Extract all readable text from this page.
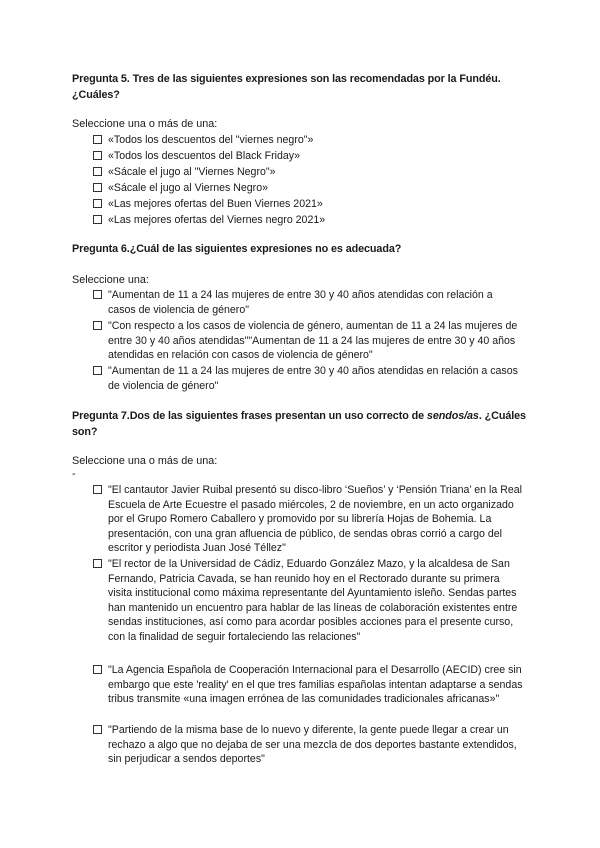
Pregunta 5. Tres de las siguientes expresiones son las recomendadas por la Fundéu. ¿Cuáles?
Seleccione una o más de una:
«Todos los descuentos del "viernes negro"»
«Todos los descuentos del Black Friday»
«Sácale el jugo al "Viernes Negro"»
«Sácale el jugo al Viernes Negro»
«Las mejores ofertas del Buen Viernes 2021»
«Las mejores ofertas del Viernes negro 2021»
Pregunta 6.¿Cuál de las siguientes expresiones no es adecuada?
Seleccione una:
"Aumentan de 11 a 24 las mujeres de entre 30 y 40 años atendidas con relación a casos de violencia de género"
"Con respecto a los casos de violencia de género, aumentan de 11 a 24 las mujeres de entre 30 y 40 años atendidas""Aumentan de 11 a 24 las mujeres de entre 30 y 40 años atendidas en relación con casos de violencia de género"
"Aumentan de 11 a 24 las mujeres de entre 30 y 40 años atendidas en relación a casos de violencia de género"
Pregunta 7.Dos de las siguientes frases presentan un uso correcto de sendos/as. ¿Cuáles son?
Seleccione una o más de una:
-
"El cantautor Javier Ruibal presentó su disco-libro ‘Sueños’ y ‘Pensión Triana’ en la Real Escuela de Arte Ecuestre el pasado miércoles, 2 de noviembre, en un acto organizado por el Grupo Romero Caballero y promovido por su librería Hojas de Bohemia. La presentación, con una gran afluencia de público, de sendas obras corrió a cargo del escritor y periodista Juan José Téllez"
"El rector de la Universidad de Cádiz, Eduardo González Mazo, y la alcaldesa de San Fernando, Patricia Cavada, se han reunido hoy en el Rectorado durante su primera visita institucional como máxima representante del Ayuntamiento isleño. Sendas partes han mantenido un encuentro para hablar de las líneas de colaboración existentes entre sendas instituciones, así como para acordar posibles acciones para el presente curso, con la finalidad de seguir fortaleciendo las relaciones"
"La Agencia Española de Cooperación Internacional para el Desarrollo (AECID) cree sin embargo que este 'reality' en el que tres familias españolas intentan adaptarse a sendas tribus transmite «una imagen errónea de las comunidades tradicionales africanas»"
"Partiendo de la misma base de lo nuevo y diferente, la gente puede llegar a crear un rechazo a algo que no dejaba de ser una mezcla de dos deportes bastante extendidos, sin perjudicar a sendos deportes"
